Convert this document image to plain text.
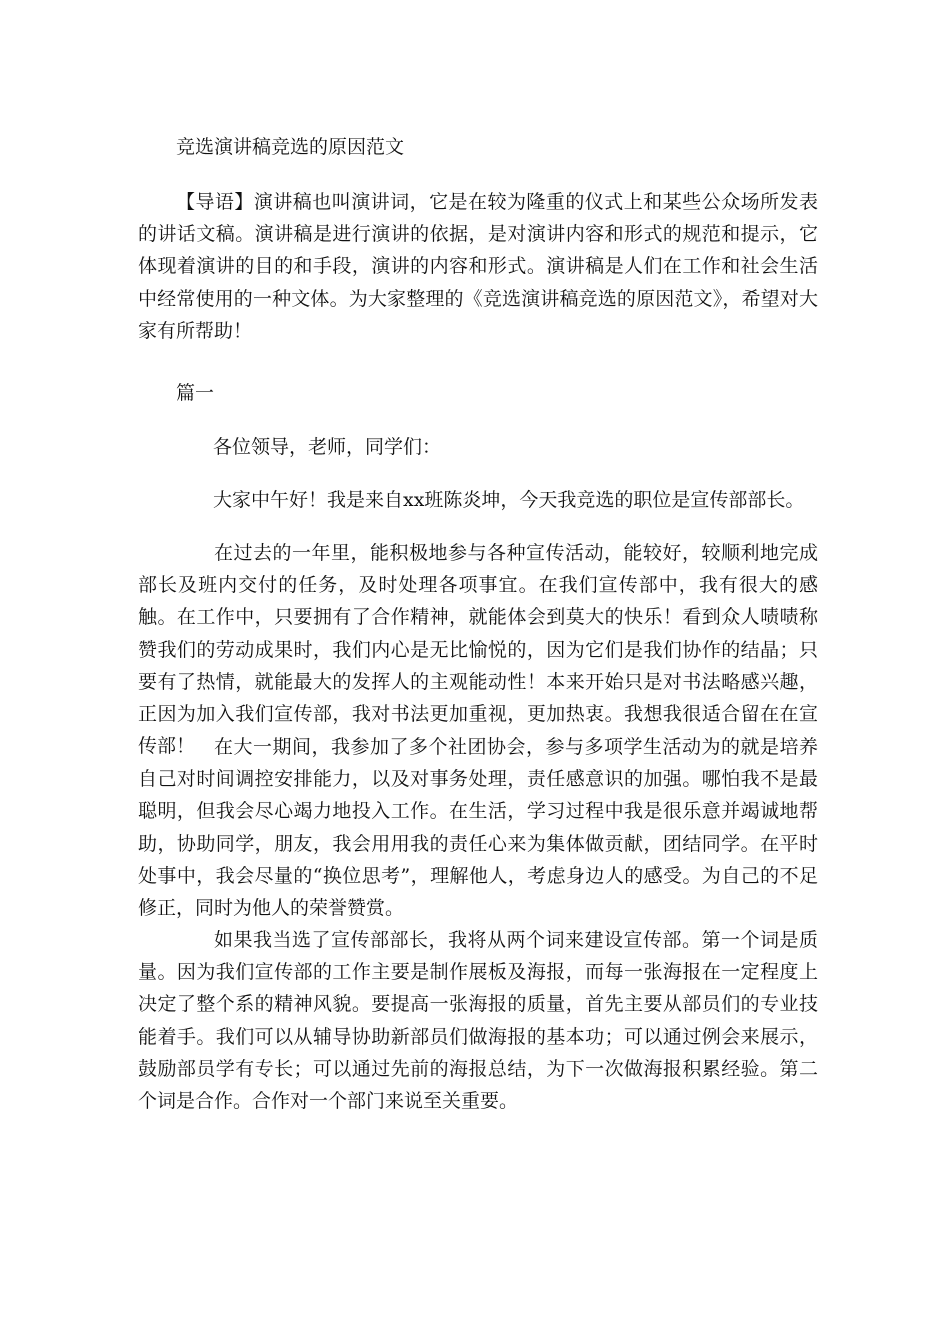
竞选演讲稿竞选的原因范文

【导语】演讲稿也叫演讲词，它是在较为隆重的仪式上和某些公众场所发表的讲话文稿。演讲稿是进行演讲的依据，是对演讲内容和形式的规范和提示，它体现着演讲的目的和手段，演讲的内容和形式。演讲稿是人们在工作和社会生活中经常使用的一种文体。为大家整理的《竞选演讲稿竞选的原因范文》，希望对大家有所帮助！

篇一
各位领导，老师，同学们：
大家中午好！我是来自xx班陈炎坤，今天我竞选的职位是宣传部部长。

在过去的一年里，能积极地参与各种宣传活动，能较好，较顺利地完成部长及班内交付的任务，及时处理各项事宜。在我们宣传部中，我有很大的感触。在工作中，只要拥有了合作精神，就能体会到莫大的快乐！看到众人啧啧称赞我们的劳动成果时，我们内心是无比愉悦的，因为它们是我们协作的结晶；只要有了热情，就能最大的发挥人的主观能动性！本来开始只是对书法略感兴趣，正因为加入我们宣传部，我对书法更加重视，更加热衷。我想我很适合留在在宣传部！ 在大一期间，我参加了多个社团协会，参与多项学生活动为的就是培养自己对时间调控安排能力，以及对事务处理，责任感意识的加强。哪怕我不是最聪明，但我会尽心竭力地投入工作。在生活，学习过程中我是很乐意并竭诚地帮助，协助同学，朋友，我会用用我的责任心来为集体做贡献，团结同学。在平时处事中，我会尽量的“换位思考”，理解他人，考虑身边人的感受。为自己的不足修正，同时为他人的荣誉赞赏。

如果我当选了宣传部部长，我将从两个词来建设宣传部。第一个词是质量。因为我们宣传部的工作主要是制作展板及海报，而每一张海报在一定程度上决定了整个系的精神风貌。要提高一张海报的质量，首先主要从部员们的专业技能着手。我们可以从辅导协助新部员们做海报的基本功；可以通过例会来展示，鼓励部员学有专长；可以通过先前的海报总结，为下一次做海报积累经验。第二个词是合作。合作对一个部门来说至关重要。
